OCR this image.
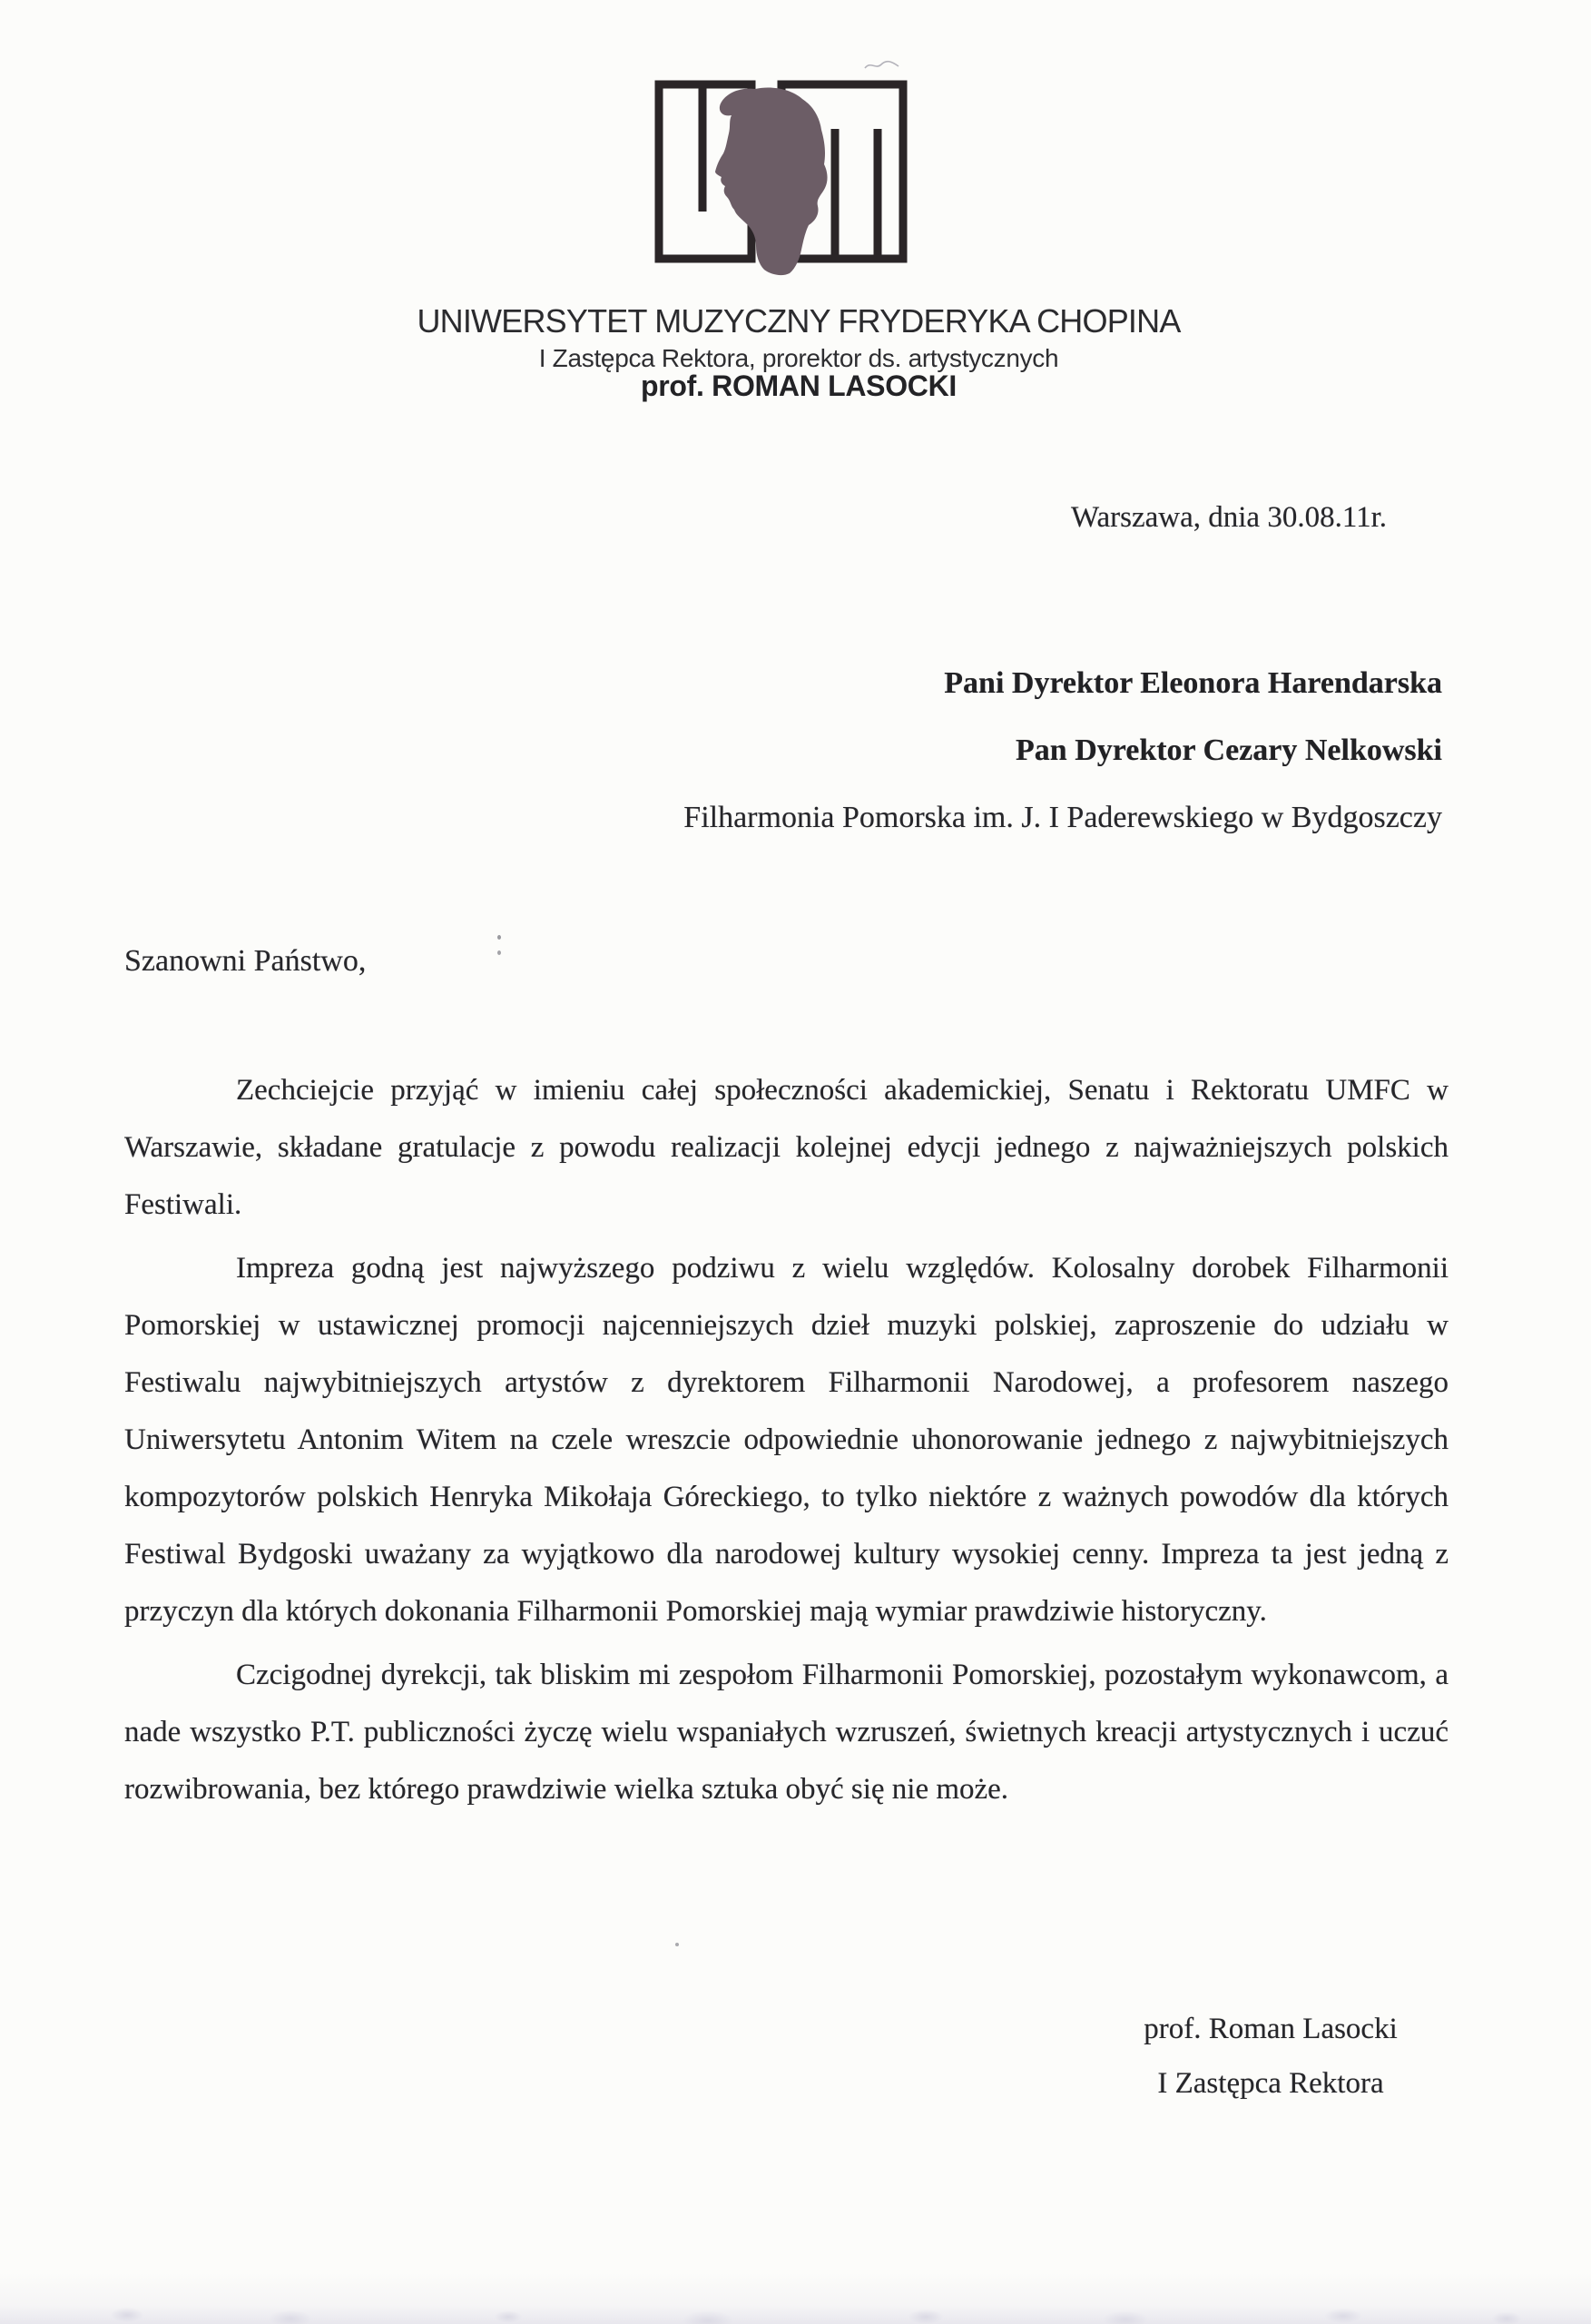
UNIWERSYTET MUZYCZNY FRYDERYKA CHOPINA
I Zastępca Rektora, prorektor ds. artystycznych
prof. ROMAN LASOCKI
Warszawa, dnia 30.08.11r.
Pani Dyrektor Eleonora Harendarska
Pan Dyrektor Cezary Nelkowski
Filharmonia Pomorska im. J. I Paderewskiego w Bydgoszczy
Szanowni Państwo,

Zechciejcie przyjąć w imieniu całej społeczności akademickiej, Senatu i Rektoratu UMFC w Warszawie, składane gratulacje z powodu realizacji kolejnej edycji jednego z najważniejszych polskich Festiwali.

Impreza godną jest najwyższego podziwu z wielu względów. Kolosalny dorobek Filharmonii Pomorskiej w ustawicznej promocji najcenniejszych dzieł muzyki polskiej, zaproszenie do udziału w Festiwalu najwybitniejszych artystów z dyrektorem Filharmonii Narodowej, a profesorem naszego Uniwersytetu Antonim Witem na czele wreszcie odpowiednie uhonorowanie jednego z najwybitniejszych kompozytorów polskich Henryka Mikołaja Góreckiego, to tylko niektóre z ważnych powodów dla których Festiwal Bydgoski uważany za wyjątkowo dla narodowej kultury wysokiej cenny. Impreza ta jest jedną z przyczyn dla których dokonania Filharmonii Pomorskiej mają wymiar prawdziwie historyczny.

Czcigodnej dyrekcji, tak bliskim mi zespołom Filharmonii Pomorskiej, pozostałym wykonawcom, a nade wszystko P.T. publiczności życzę wielu wspaniałych wzruszeń, świetnych kreacji artystycznych i uczuć rozwibrowania, bez którego prawdziwie wielka sztuka obyć się nie może.

prof. Roman Lasocki
I Zastępca Rektora
